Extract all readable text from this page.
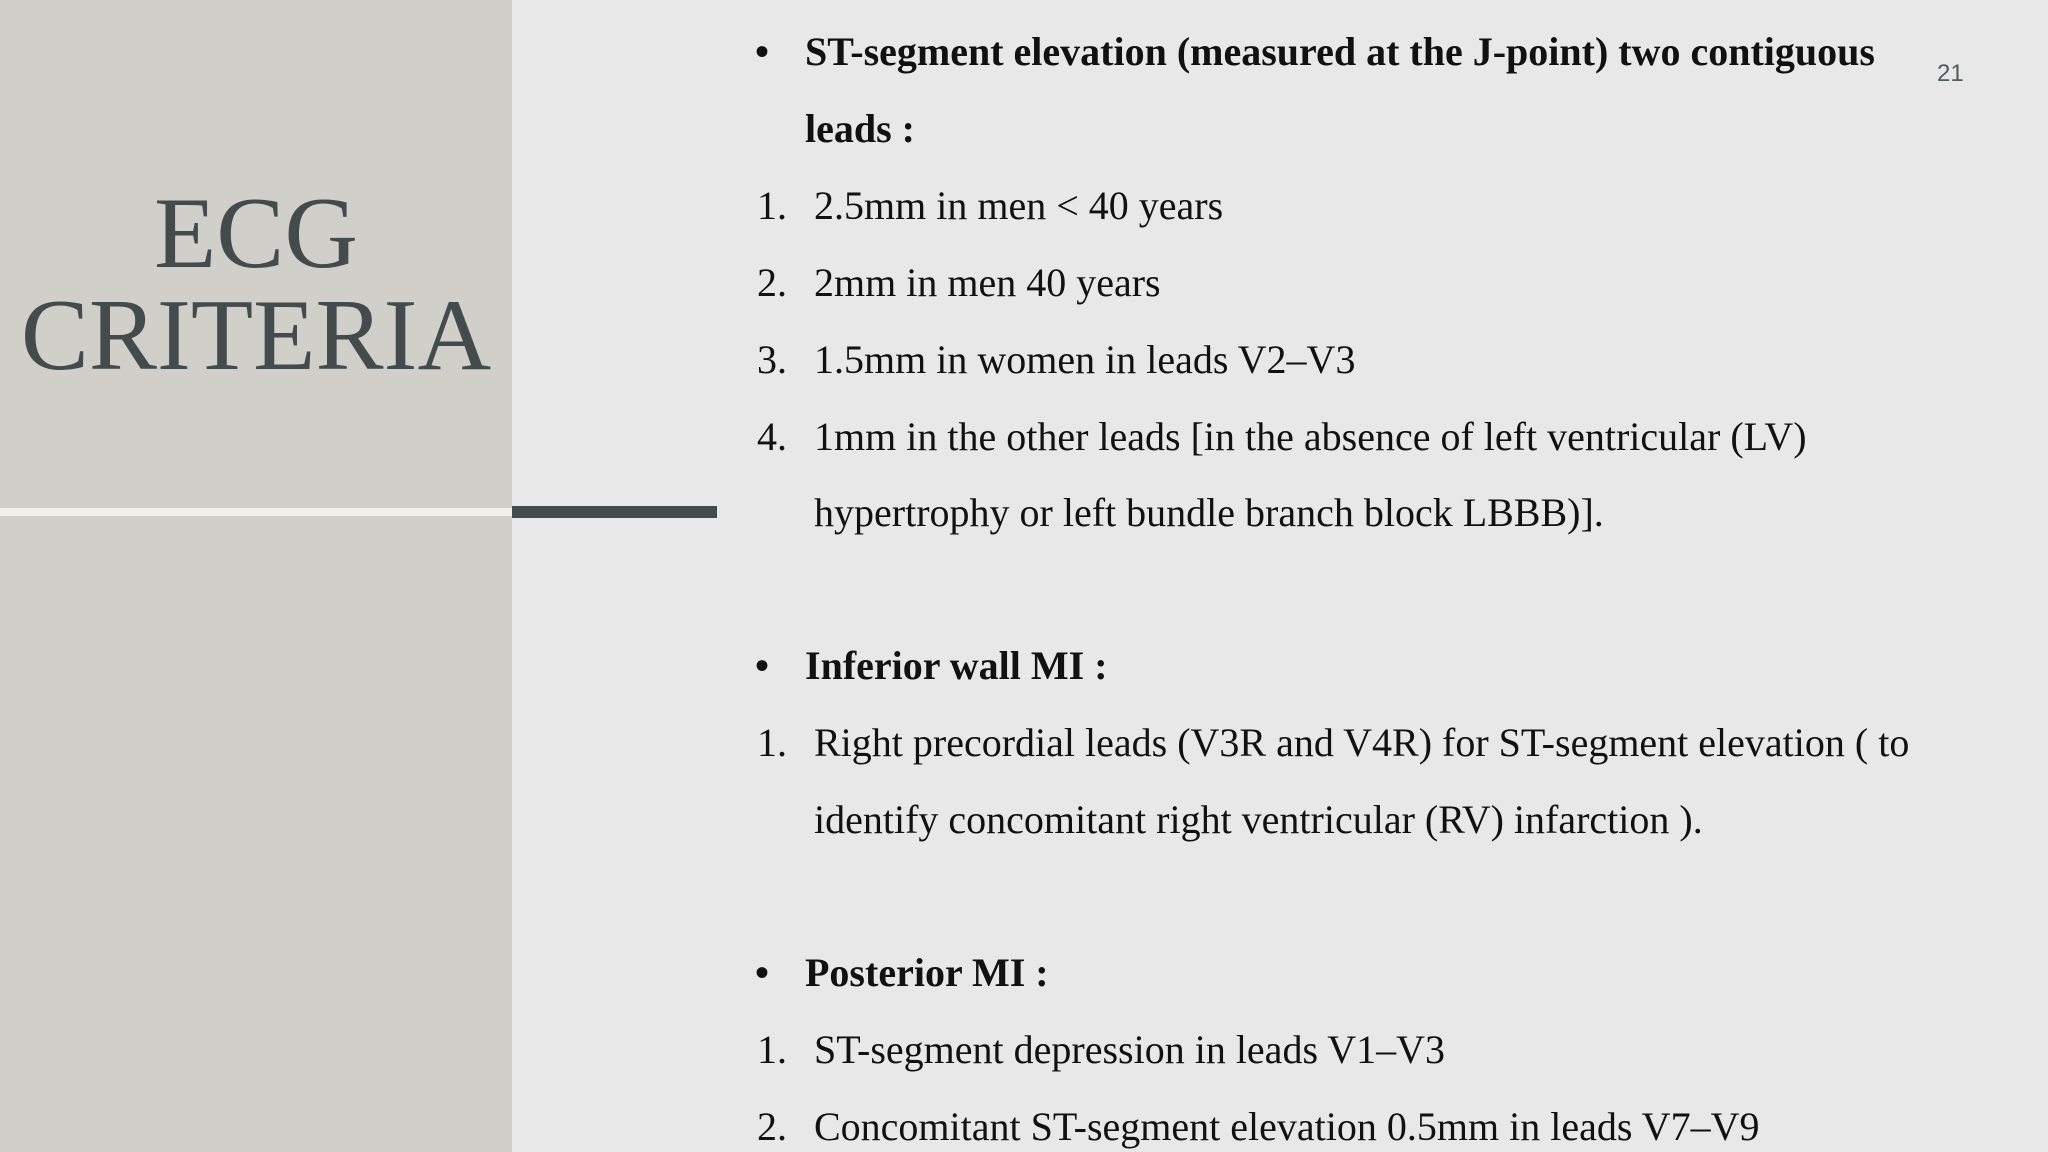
ECG
CRITERIA
21
• ST-segment elevation (measured at the J-point) two contiguous
leads :
1. 2.5mm in men < 40 years
2. 2mm in men 40 years
3. 1.5mm in women in leads V2–V3
4. 1mm in the other leads [in the absence of left ventricular (LV)
hypertrophy or left bundle branch block LBBB)].
• Inferior wall MI :
1. Right precordial leads (V3R and V4R) for ST-segment elevation ( to
identify concomitant right ventricular (RV) infarction ).
• Posterior MI :
1. ST-segment depression in leads V1–V3
2. Concomitant ST-segment elevation 0.5mm in leads V7–V9
